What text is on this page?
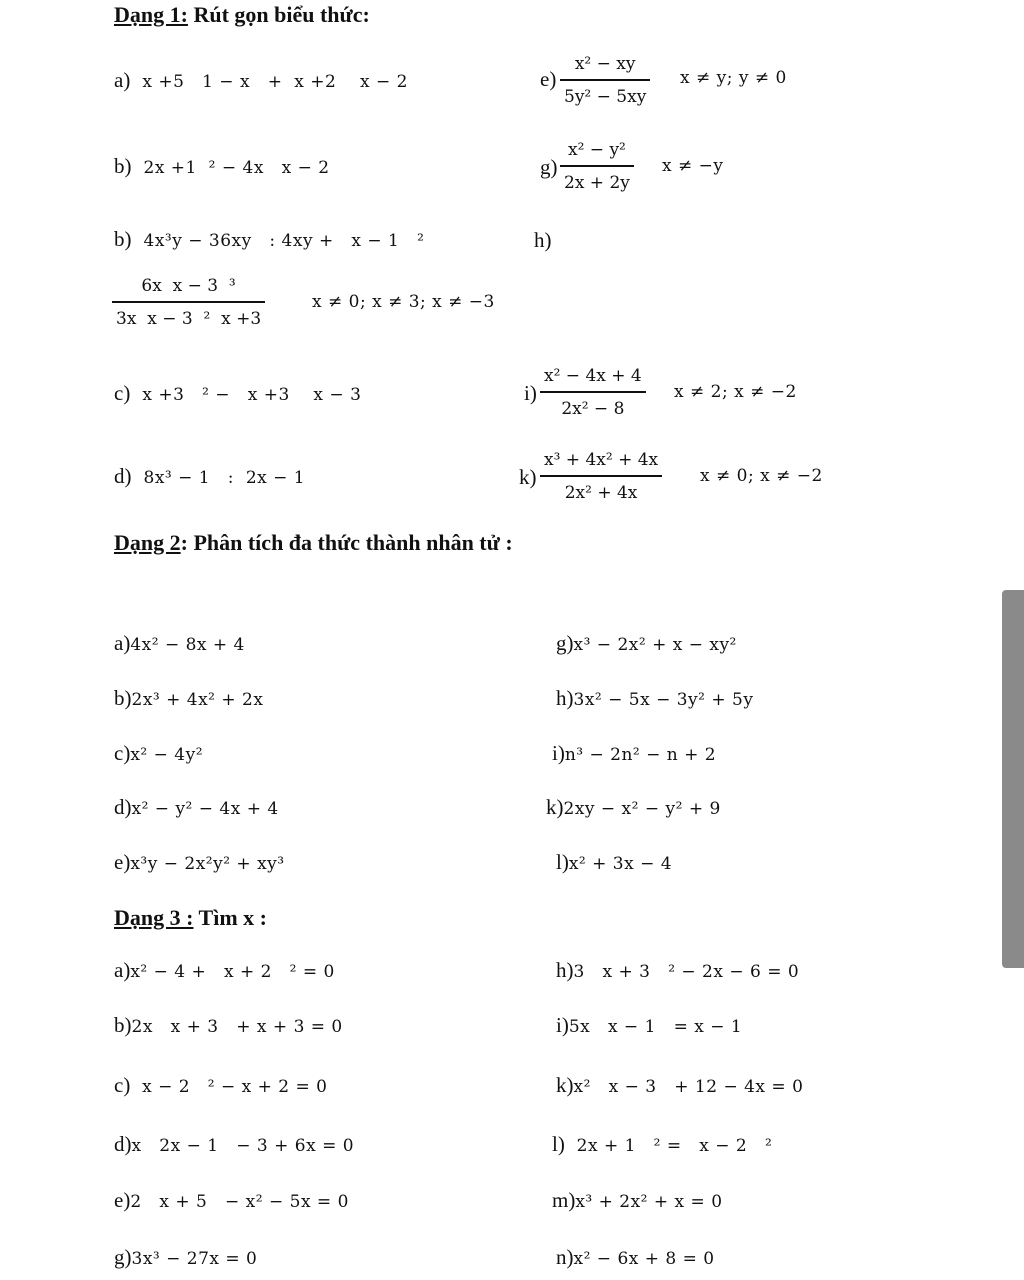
Dạng 1: Rút gọn biểu thức:
a) x +5   1 − x   +  x +2    x − 2
b) 2x +1  ² − 4x   x − 2
b) 4x³y − 36xy   : 4xy +   x − 1   ²
6x  x − 3  ³
3x  x − 3  ²  x +3
x ≠ 0; x ≠ 3; x ≠ −3
c) x +3   ² −   x +3    x − 3
d) 8x³ − 1   :  2x − 1
e)
x² − xy
5y² − 5xy
x ≠ y; y ≠ 0
g)
x² − y²
2x + 2y
x ≠ −y
h)
i)
x² − 4x + 4
2x² − 8
x ≠ 2; x ≠ −2
k)
x³ + 4x² + 4x
2x² + 4x
x ≠ 0; x ≠ −2
Dạng 2: Phân tích đa thức thành nhân tử :
a)4x² − 8x + 4
b)2x³ + 4x² + 2x
c)x² − 4y²
d)x² − y² − 4x + 4
e)x³y − 2x²y² + xy³
g)x³ − 2x² + x − xy²
h)3x² − 5x − 3y² + 5y
i)n³ − 2n² − n + 2
k)2xy − x² − y² + 9
l)x² + 3x − 4
Dạng 3 : Tìm x :
a)x² − 4 +   x + 2   ² = 0
b)2x   x + 3   + x + 3 = 0
c)  x − 2   ² − x + 2 = 0
d)x   2x − 1   − 3 + 6x = 0
e)2   x + 5   − x² − 5x = 0
g)3x³ − 27x = 0
h)3   x + 3   ² − 2x − 6 = 0
i)5x   x − 1   = x − 1
k)x²   x − 3   + 12 − 4x = 0
l)  2x + 1   ² =   x − 2   ²
m)x³ + 2x² + x = 0
n)x² − 6x + 8 = 0
